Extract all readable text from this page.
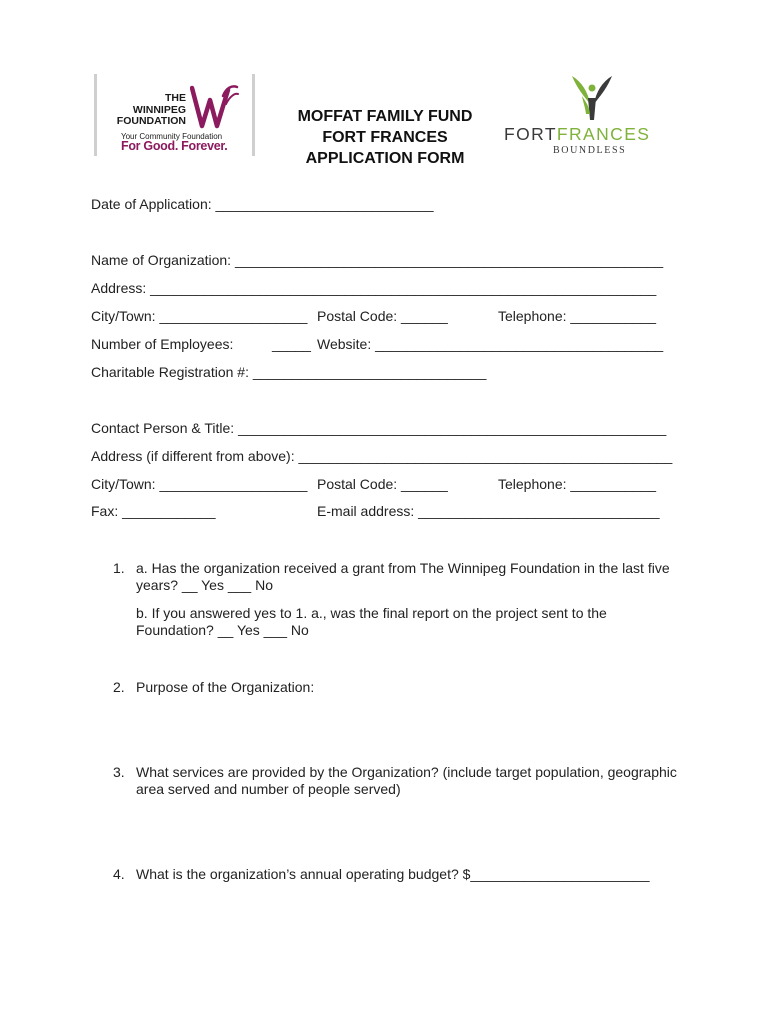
THE
WINNIPEG
FOUNDATION
Your Community Foundation
For Good. Forever.
MOFFAT FAMILY FUND
FORT FRANCES
APPLICATION FORM
FORTFRANCES
BOUNDLESS
Date of Application: ____________________________
Name of Organization: _______________________________________________________
Address: _________________________________________________________________
City/Town: ___________________ Postal Code: ______	Telephone: ___________
Number of Employees:	_____ Website: _____________________________________
Charitable Registration #: ______________________________
Contact Person & Title: _______________________________________________________
Address (if different from above): ________________________________________________
City/Town: ___________________ Postal Code: ______	Telephone: ___________
Fax: ____________	E-mail address: _______________________________
1. a. Has the organization received a grant from The Winnipeg Foundation in the last five
years? __ Yes ___ No
b. If you answered yes to 1. a., was the final report on the project sent to the
Foundation? __ Yes ___ No
2. Purpose of the Organization:
3. What services are provided by the Organization? (include target population, geographic
area served and number of people served)
4. What is the organization’s annual operating budget? $_______________________
